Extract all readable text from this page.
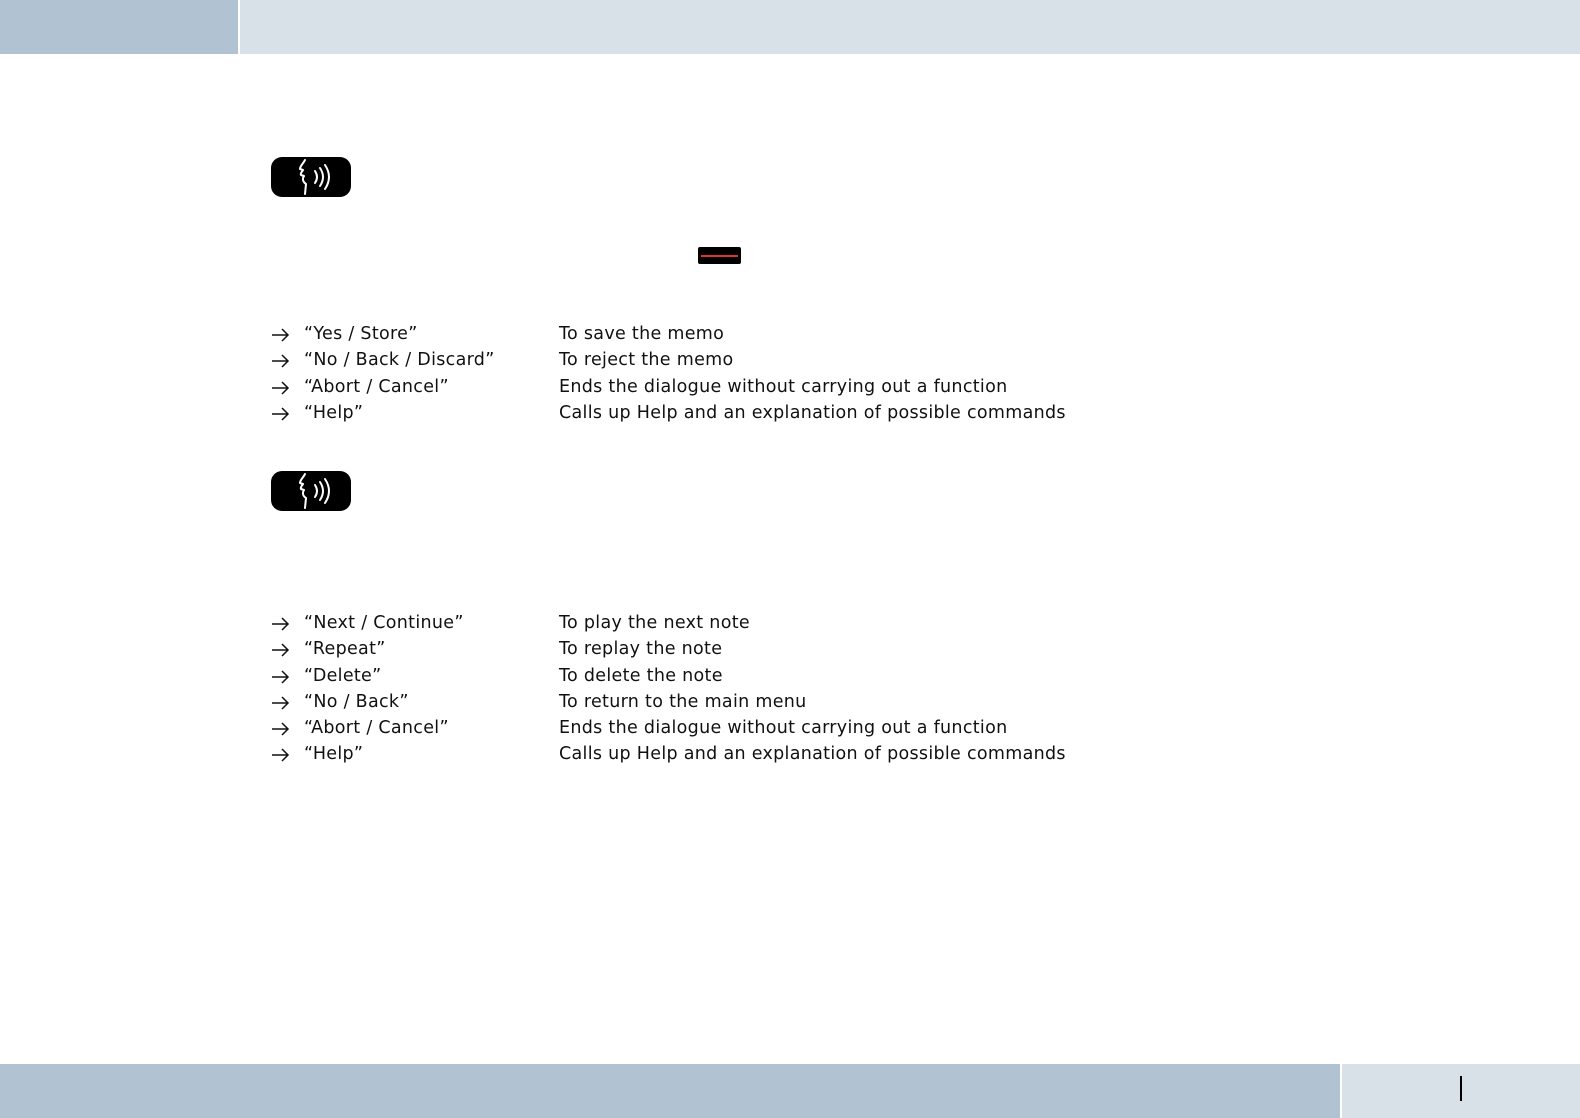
“Yes / Store”	To save the memo
“No / Back / Discard”	To reject the memo
“Abort / Cancel”	Ends the dialogue without carrying out a function
“Help”	Calls up Help and an explanation of possible commands
“Next / Continue”	To play the next note
“Repeat”	To replay the note
“Delete”	To delete the note
“No / Back”	To return to the main menu
“Abort / Cancel”	Ends the dialogue without carrying out a function
“Help”	Calls up Help and an explanation of possible commands
